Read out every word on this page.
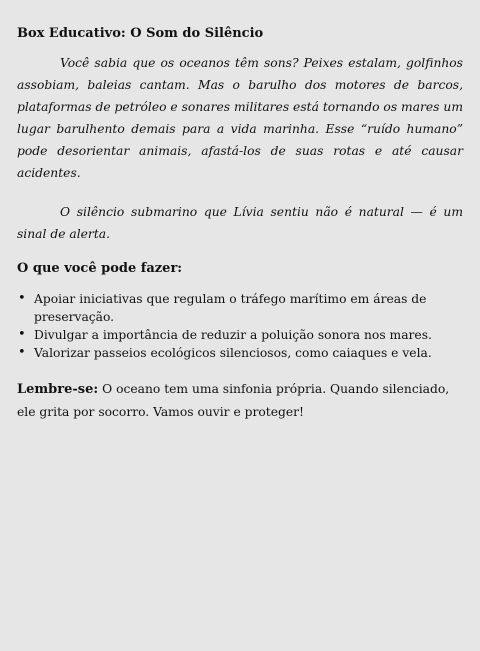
Box Educativo: O Som do Silêncio

Você sabia que os oceanos têm sons? Peixes estalam, golfinhos assobiam, baleias cantam. Mas o barulho dos motores de barcos, plataformas de petróleo e sonares militares está tornando os mares um lugar barulhento demais para a vida marinha. Esse “ruído humano” pode desorientar animais, afastá-los de suas rotas e até causar acidentes.

O silêncio submarino que Lívia sentiu não é natural — é um sinal de alerta.

O que você pode fazer:
• Apoiar iniciativas que regulam o tráfego marítimo em áreas de preservação.
• Divulgar a importância de reduzir a poluição sonora nos mares.
• Valorizar passeios ecológicos silenciosos, como caiaques e vela.

Lembre-se: O oceano tem uma sinfonia própria. Quando silenciado, ele grita por socorro. Vamos ouvir e proteger!
